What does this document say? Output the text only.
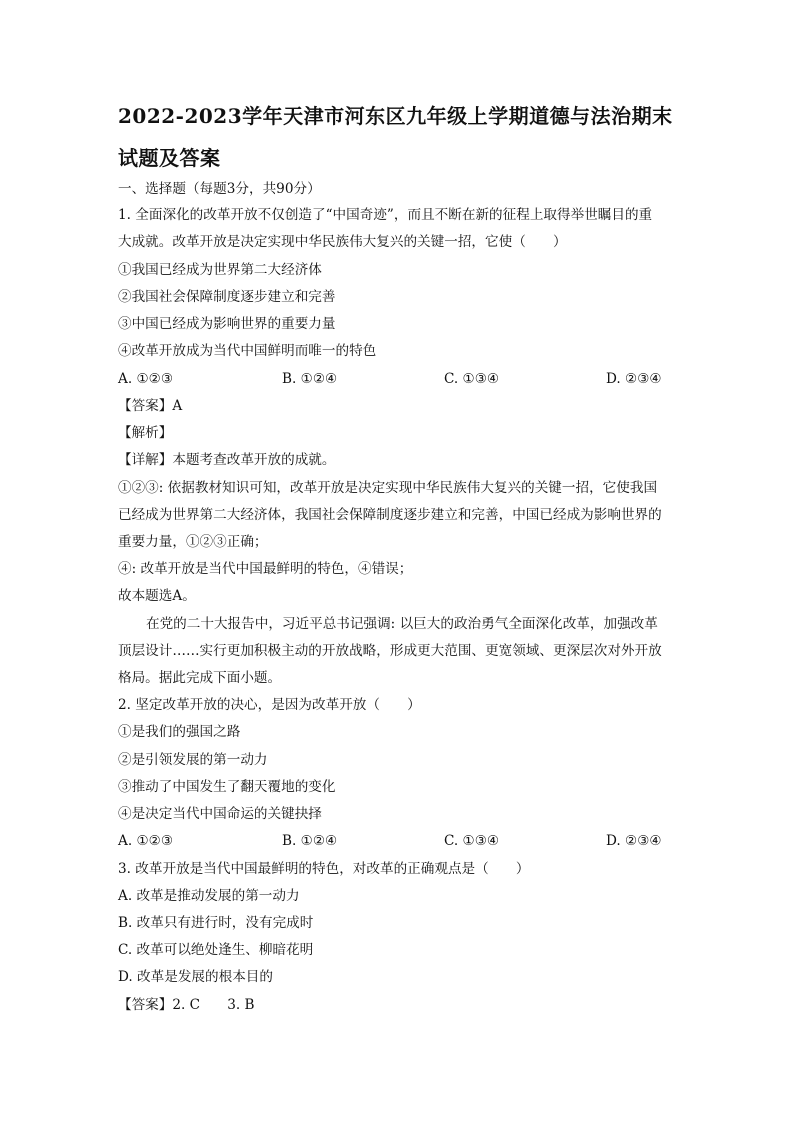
2022-2023学年天津市河东区九年级上学期道德与法治期末
试题及答案
一、选择题（每题3分，共90分）
1. 全面深化的改革开放不仅创造了“中国奇迹”，而且不断在新的征程上取得举世瞩目的重
大成就。改革开放是决定实现中华民族伟大复兴的关键一招，它使（　　）
①我国已经成为世界第二大经济体
②我国社会保障制度逐步建立和完善
③中国已经成为影响世界的重要力量
④改革开放成为当代中国鲜明而唯一的特色
A. ①②③	B. ①②④	C. ①③④	D. ②③④
【答案】A
【解析】
【详解】本题考查改革开放的成就。
①②③: 依据教材知识可知，改革开放是决定实现中华民族伟大复兴的关键一招，它使我国
已经成为世界第二大经济体，我国社会保障制度逐步建立和完善，中国已经成为影响世界的
重要力量，①②③正确；
④: 改革开放是当代中国最鲜明的特色，④错误；
故本题选A。
在党的二十大报告中，习近平总书记强调: 以巨大的政治勇气全面深化改革，加强改革
顶层设计……实行更加积极主动的开放战略，形成更大范围、更宽领域、更深层次对外开放
格局。据此完成下面小题。
2. 坚定改革开放的决心，是因为改革开放（　　）
①是我们的强国之路
②是引领发展的第一动力
③推动了中国发生了翻天覆地的变化
④是决定当代中国命运的关键抉择
A. ①②③	B. ①②④	C. ①③④	D. ②③④
3. 改革开放是当代中国最鲜明的特色，对改革的正确观点是（　　）
A. 改革是推动发展的第一动力
B. 改革只有进行时，没有完成时
C. 改革可以绝处逢生、柳暗花明
D. 改革是发展的根本目的
【答案】2. C　　3. B
